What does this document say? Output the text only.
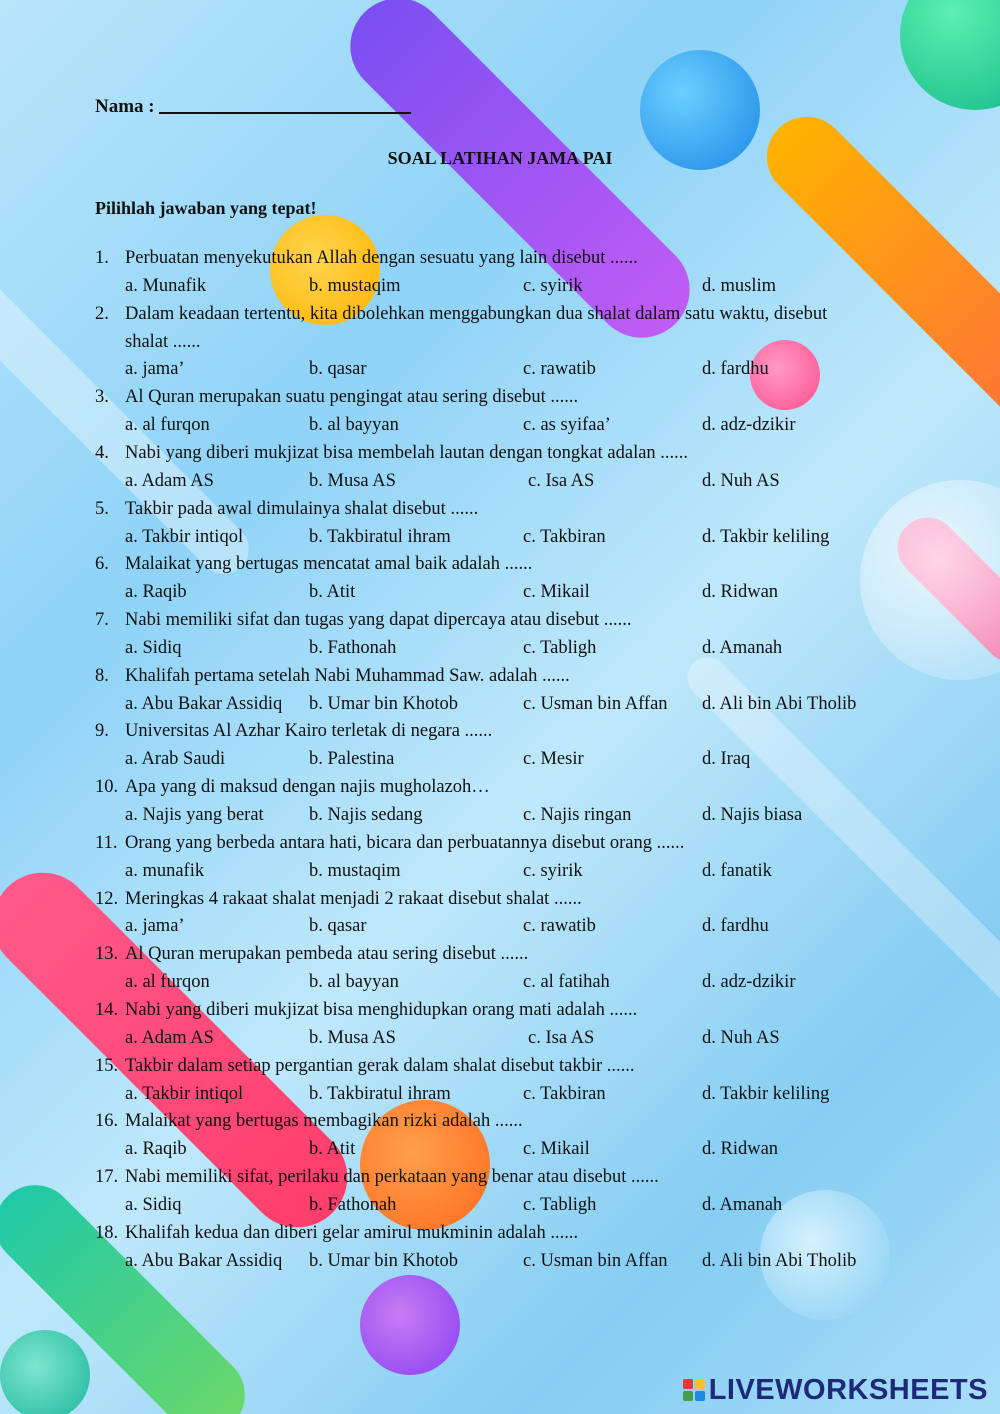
Nama :
SOAL LATIHAN JAMA PAI
Pilihlah jawaban yang tepat!
1. Perbuatan menyekutukan Allah dengan sesuatu yang lain disebut ......
a. Munafik	b. mustaqim	c. syirik	d. muslim
2. Dalam keadaan tertentu, kita dibolehkan menggabungkan dua shalat dalam satu waktu, disebut
shalat ......
a. jama’	b. qasar	c. rawatib	d. fardhu
3. Al Quran merupakan suatu pengingat atau sering disebut ......
a. al furqon	b. al bayyan	c. as syifaa’	d. adz-dzikir
4. Nabi yang diberi mukjizat bisa membelah lautan dengan tongkat adalan ......
a. Adam AS	b. Musa AS	c. Isa AS	d. Nuh AS
5. Takbir pada awal dimulainya shalat disebut ......
a. Takbir intiqol	b. Takbiratul ihram	c. Takbiran	d. Takbir keliling
6. Malaikat yang bertugas mencatat amal baik adalah ......
a. Raqib	b. Atit	c. Mikail	d. Ridwan
7. Nabi memiliki sifat dan tugas yang dapat dipercaya atau disebut ......
a. Sidiq	b. Fathonah	c. Tabligh	d. Amanah
8. Khalifah pertama setelah Nabi Muhammad Saw. adalah ......
a. Abu Bakar Assidiq b. Umar bin Khotob	c. Usman bin Affan d. Ali bin Abi Tholib
9. Universitas Al Azhar Kairo terletak di negara ......
a. Arab Saudi	b. Palestina	c. Mesir	d. Iraq
10. Apa yang di maksud dengan najis mugholazoh…
a. Najis yang berat b. Najis sedang	c. Najis ringan	d. Najis biasa
11. Orang yang berbeda antara hati, bicara dan perbuatannya disebut orang ......
a. munafik	b. mustaqim	c. syirik	d. fanatik
12. Meringkas 4 rakaat shalat menjadi 2 rakaat disebut shalat ......
a. jama’	b. qasar	c. rawatib	d. fardhu
13. Al Quran merupakan pembeda atau sering disebut ......
a. al furqon	b. al bayyan	c. al fatihah	d. adz-dzikir
14. Nabi yang diberi mukjizat bisa menghidupkan orang mati adalah ......
a. Adam AS	b. Musa AS	c. Isa AS	d. Nuh AS
15. Takbir dalam setiap pergantian gerak dalam shalat disebut takbir ......
a. Takbir intiqol	b. Takbiratul ihram	c. Takbiran	d. Takbir keliling
16. Malaikat yang bertugas membagikan rizki adalah ......
a. Raqib	b. Atit	c. Mikail	d. Ridwan
17. Nabi memiliki sifat, perilaku dan perkataan yang benar atau disebut ......
a. Sidiq	b. Fathonah	c. Tabligh	d. Amanah
18. Khalifah kedua dan diberi gelar amirul mukminin adalah ......
a. Abu Bakar Assidiq b. Umar bin Khotob	c. Usman bin Affan d. Ali bin Abi Tholib
LIVEWORKSHEETS
